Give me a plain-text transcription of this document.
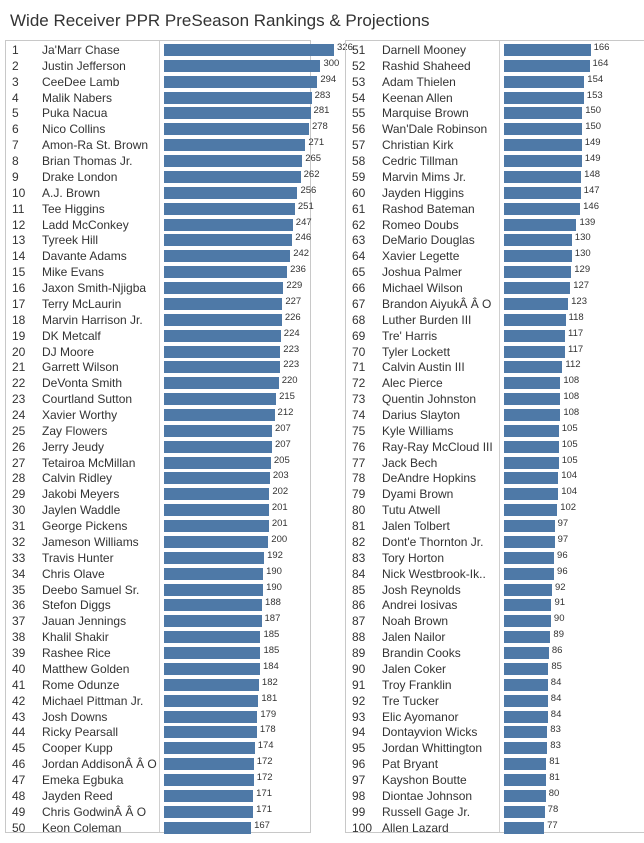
Wide Receiver PPR PreSeason Rankings & Projections
1 Ja'Marr Chase	326
2 Justin Jefferson	300
3 CeeDee Lamb	294
4 Malik Nabers	283
5 Puka Nacua	281
6 Nico Collins	278
7 Amon-Ra St. Brown	271
8 Brian Thomas Jr.	265
9 Drake London	262
10 A.J. Brown	256
11 Tee Higgins	251
12 Ladd McConkey	247
13 Tyreek Hill	246
14 Davante Adams	242
15 Mike Evans	236
16 Jaxon Smith-Njigba	229
17 Terry McLaurin	227
18 Marvin Harrison Jr.	226
19 DK Metcalf	224
20 DJ Moore	223
21 Garrett Wilson	223
22 DeVonta Smith	220
23 Courtland Sutton	215
24 Xavier Worthy	212
25 Zay Flowers	207
26 Jerry Jeudy	207
27 Tetairoa McMillan	205
28 Calvin Ridley	203
29 Jakobi Meyers	202
30 Jaylen Waddle	201
31 George Pickens	201
32 Jameson Williams	200
33 Travis Hunter	192
34 Chris Olave	190
35 Deebo Samuel Sr.	190
36 Stefon Diggs	188
37 Jauan Jennings	187
38 Khalil Shakir	185
39 Rashee Rice	185
40 Matthew Golden	184
41 Rome Odunze	182
42 Michael Pittman Jr.	181
43 Josh Downs	179
44 Ricky Pearsall	178
45 Cooper Kupp	174
46 Jordan AddisonÂ Â O	172
47 Emeka Egbuka	172
48 Jayden Reed	171
49 Chris GodwinÂ Â O	171
50 Keon Coleman	167
51 Darnell Mooney	166
52 Rashid Shaheed	164
53 Adam Thielen	154
54 Keenan Allen	153
55 Marquise Brown	150
56 Wan'Dale Robinson	150
57 Christian Kirk	149
58 Cedric Tillman	149
59 Marvin Mims Jr.	148
60 Jayden Higgins	147
61 Rashod Bateman	146
62 Romeo Doubs	139
63 DeMario Douglas	130
64 Xavier Legette	130
65 Joshua Palmer	129
66 Michael Wilson	127
67 Brandon AiyukÂ Â O	123
68 Luther Burden III	118
69 Tre' Harris	117
70 Tyler Lockett	117
71 Calvin Austin III	112
72 Alec Pierce	108
73 Quentin Johnston	108
74 Darius Slayton	108
75 Kyle Williams	105
76 Ray-Ray McCloud III	105
77 Jack Bech	105
78 DeAndre Hopkins	104
79 Dyami Brown	104
80 Tutu Atwell	102
81 Jalen Tolbert	97
82 Dont'e Thornton Jr.	97
83 Tory Horton	96
84 Nick Westbrook-Ik..	96
85 Josh Reynolds	92
86 Andrei Iosivas	91
87 Noah Brown	90
88 Jalen Nailor	89
89 Brandin Cooks	86
90 Jalen Coker	85
91 Troy Franklin	84
92 Tre Tucker	84
93 Elic Ayomanor	84
94 Dontayvion Wicks	83
95 Jordan Whittington	83
96 Pat Bryant	81
97 Kayshon Boutte	81
98 Diontae Johnson	80
99 Russell Gage Jr.	78
100 Allen Lazard	77
